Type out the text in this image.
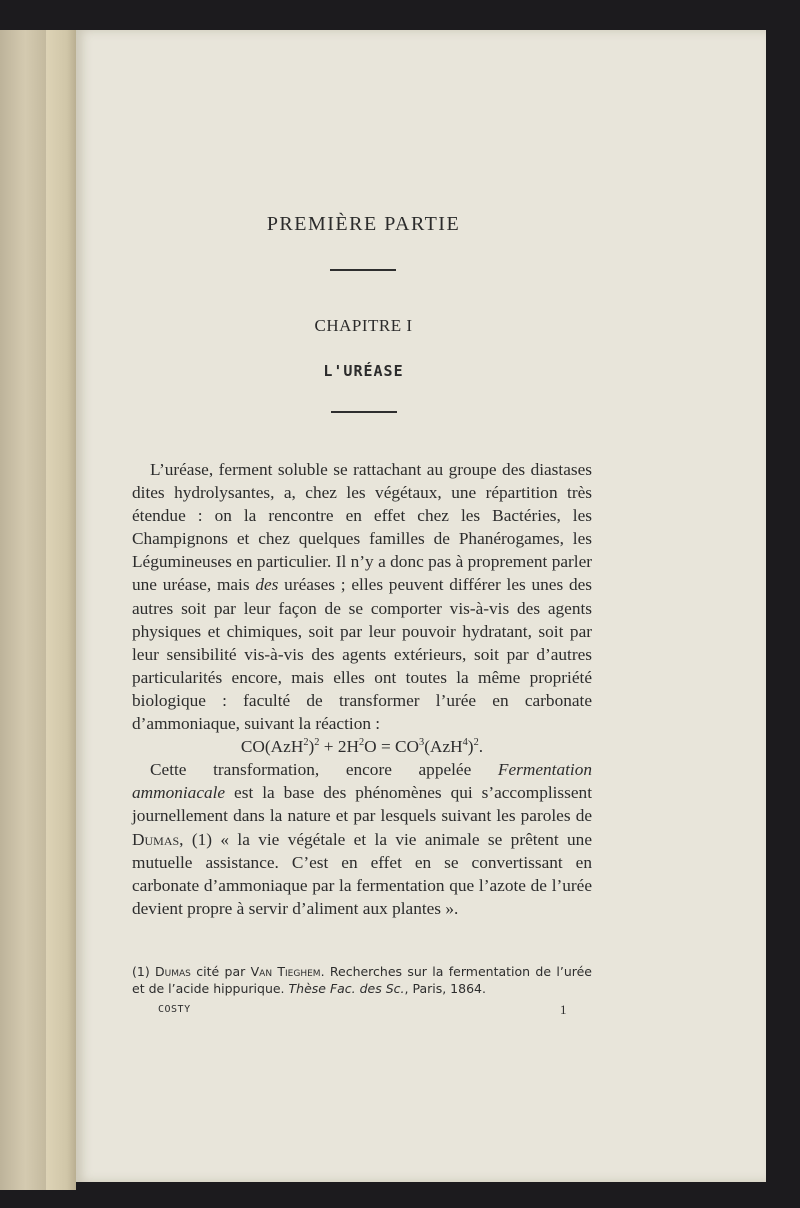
PREMIÈRE PARTIE
CHAPITRE I
L'URÉASE

L’uréase, ferment soluble se rattachant au groupe des diastases dites hydrolysantes, a, chez les végétaux, une répartition très étendue : on la rencontre en effet chez les Bactéries, les Champignons et chez quelques familles de Phanérogames, les Légumineuses en particulier. Il n’y a donc pas à proprement parler une uréase, mais des uréases ; elles peuvent différer les unes des autres soit par leur façon de se comporter vis-à-vis des agents physiques et chimiques, soit par leur pouvoir hydratant, soit par leur sensibilité vis-à-vis des agents extérieurs, soit par d’autres particularités encore, mais elles ont toutes la même propriété biologique : faculté de transformer l’urée en carbonate d’ammoniaque, suivant la réaction :

$CO(AzH^2)^2 + 2H^2O = CO^3(AzH^4)^2$.

Cette transformation, encore appelée Fermentation ammoniacale est la base des phénomènes qui s’accomplissent journellement dans la nature et par lesquels suivant les paroles de Dumas, (1) « la vie végétale et la vie animale se prêtent une mutuelle assistance. C’est en effet en se convertissant en carbonate d’ammoniaque par la fermentation que l’azote de l’urée devient propre à servir d’aliment aux plantes ».

(1) Dumas cité par Van Tieghem. Recherches sur la fermentation de l’urée et de l’acide hippurique. Thèse Fac. des Sc., Paris, 1864.
COSTY	1
